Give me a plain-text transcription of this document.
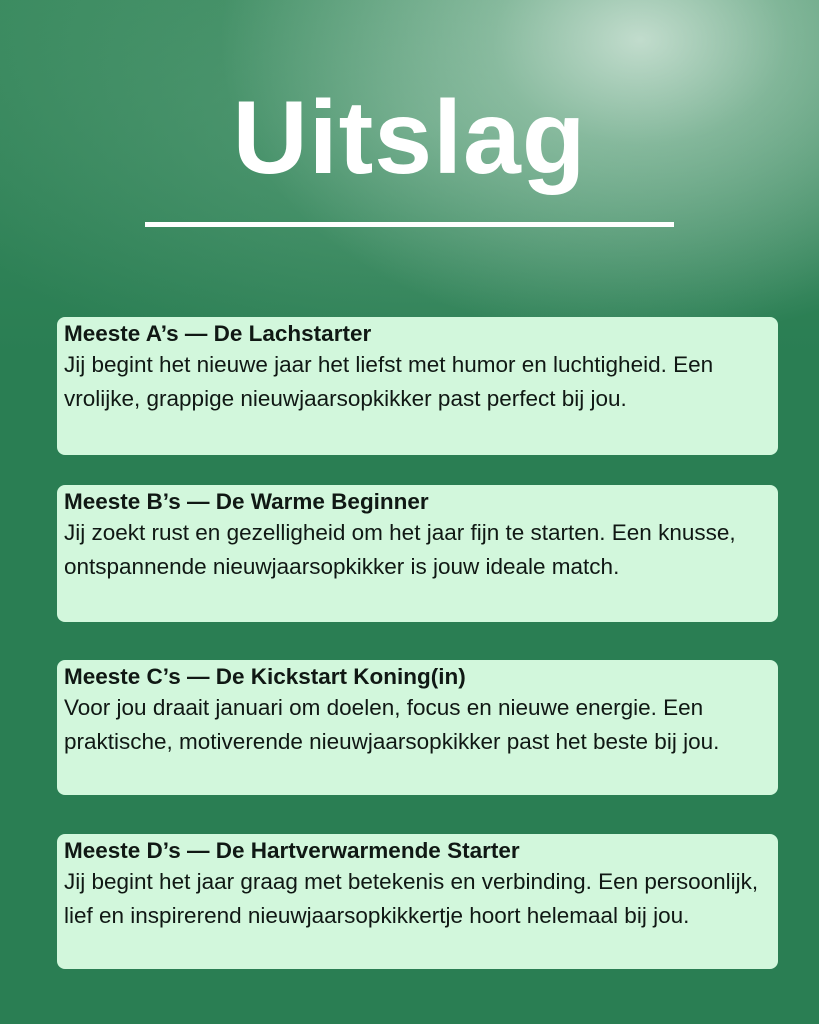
Uitslag
Meeste A’s — De Lachstarter
Jij begint het nieuwe jaar het liefst met humor en luchtigheid. Een vrolijke, grappige nieuwjaarsopkikker past perfect bij jou.
Meeste B’s — De Warme Beginner
Jij zoekt rust en gezelligheid om het jaar fijn te starten. Een knusse, ontspannende nieuwjaarsopkikker is jouw ideale match.
Meeste C’s — De Kickstart Koning(in)
Voor jou draait januari om doelen, focus en nieuwe energie. Een praktische, motiverende nieuwjaarsopkikker past het beste bij jou.
Meeste D’s — De Hartverwarmende Starter
Jij begint het jaar graag met betekenis en verbinding. Een persoonlijk, lief en inspirerend nieuwjaarsopkikkertje hoort helemaal bij jou.
